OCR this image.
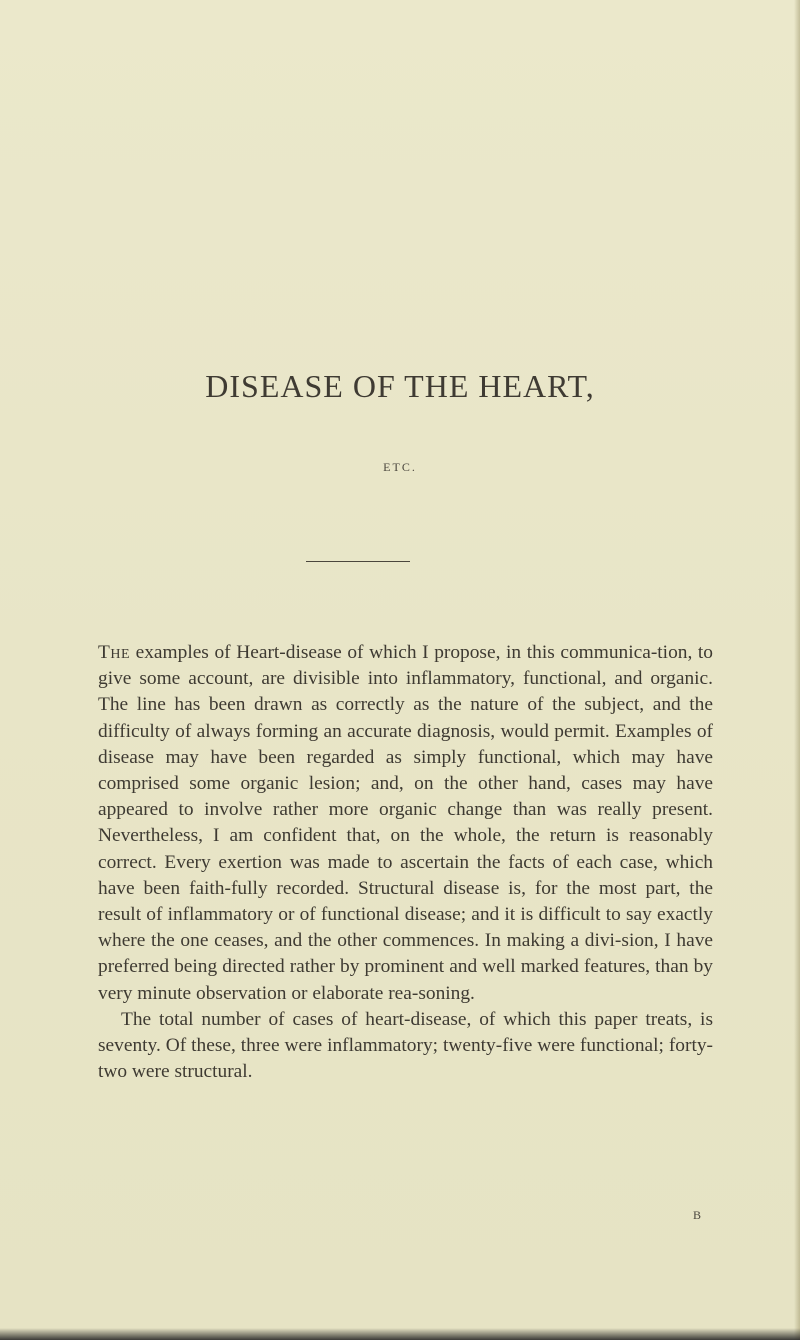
DISEASE OF THE HEART,
ETC.

The examples of Heart-disease of which I propose, in this communica-tion, to give some account, are divisible into inflammatory, functional, and organic. The line has been drawn as correctly as the nature of the subject, and the difficulty of always forming an accurate diagnosis, would permit. Examples of disease may have been regarded as simply functional, which may have comprised some organic lesion; and, on the other hand, cases may have appeared to involve rather more organic change than was really present. Nevertheless, I am confident that, on the whole, the return is reasonably correct. Every exertion was made to ascertain the facts of each case, which have been faith-fully recorded. Structural disease is, for the most part, the result of inflammatory or of functional disease; and it is difficult to say exactly where the one ceases, and the other commences. In making a divi-sion, I have preferred being directed rather by prominent and well marked features, than by very minute observation or elaborate rea-soning.

The total number of cases of heart-disease, of which this paper treats, is seventy. Of these, three were inflammatory; twenty-five were functional; forty-two were structural.

B
